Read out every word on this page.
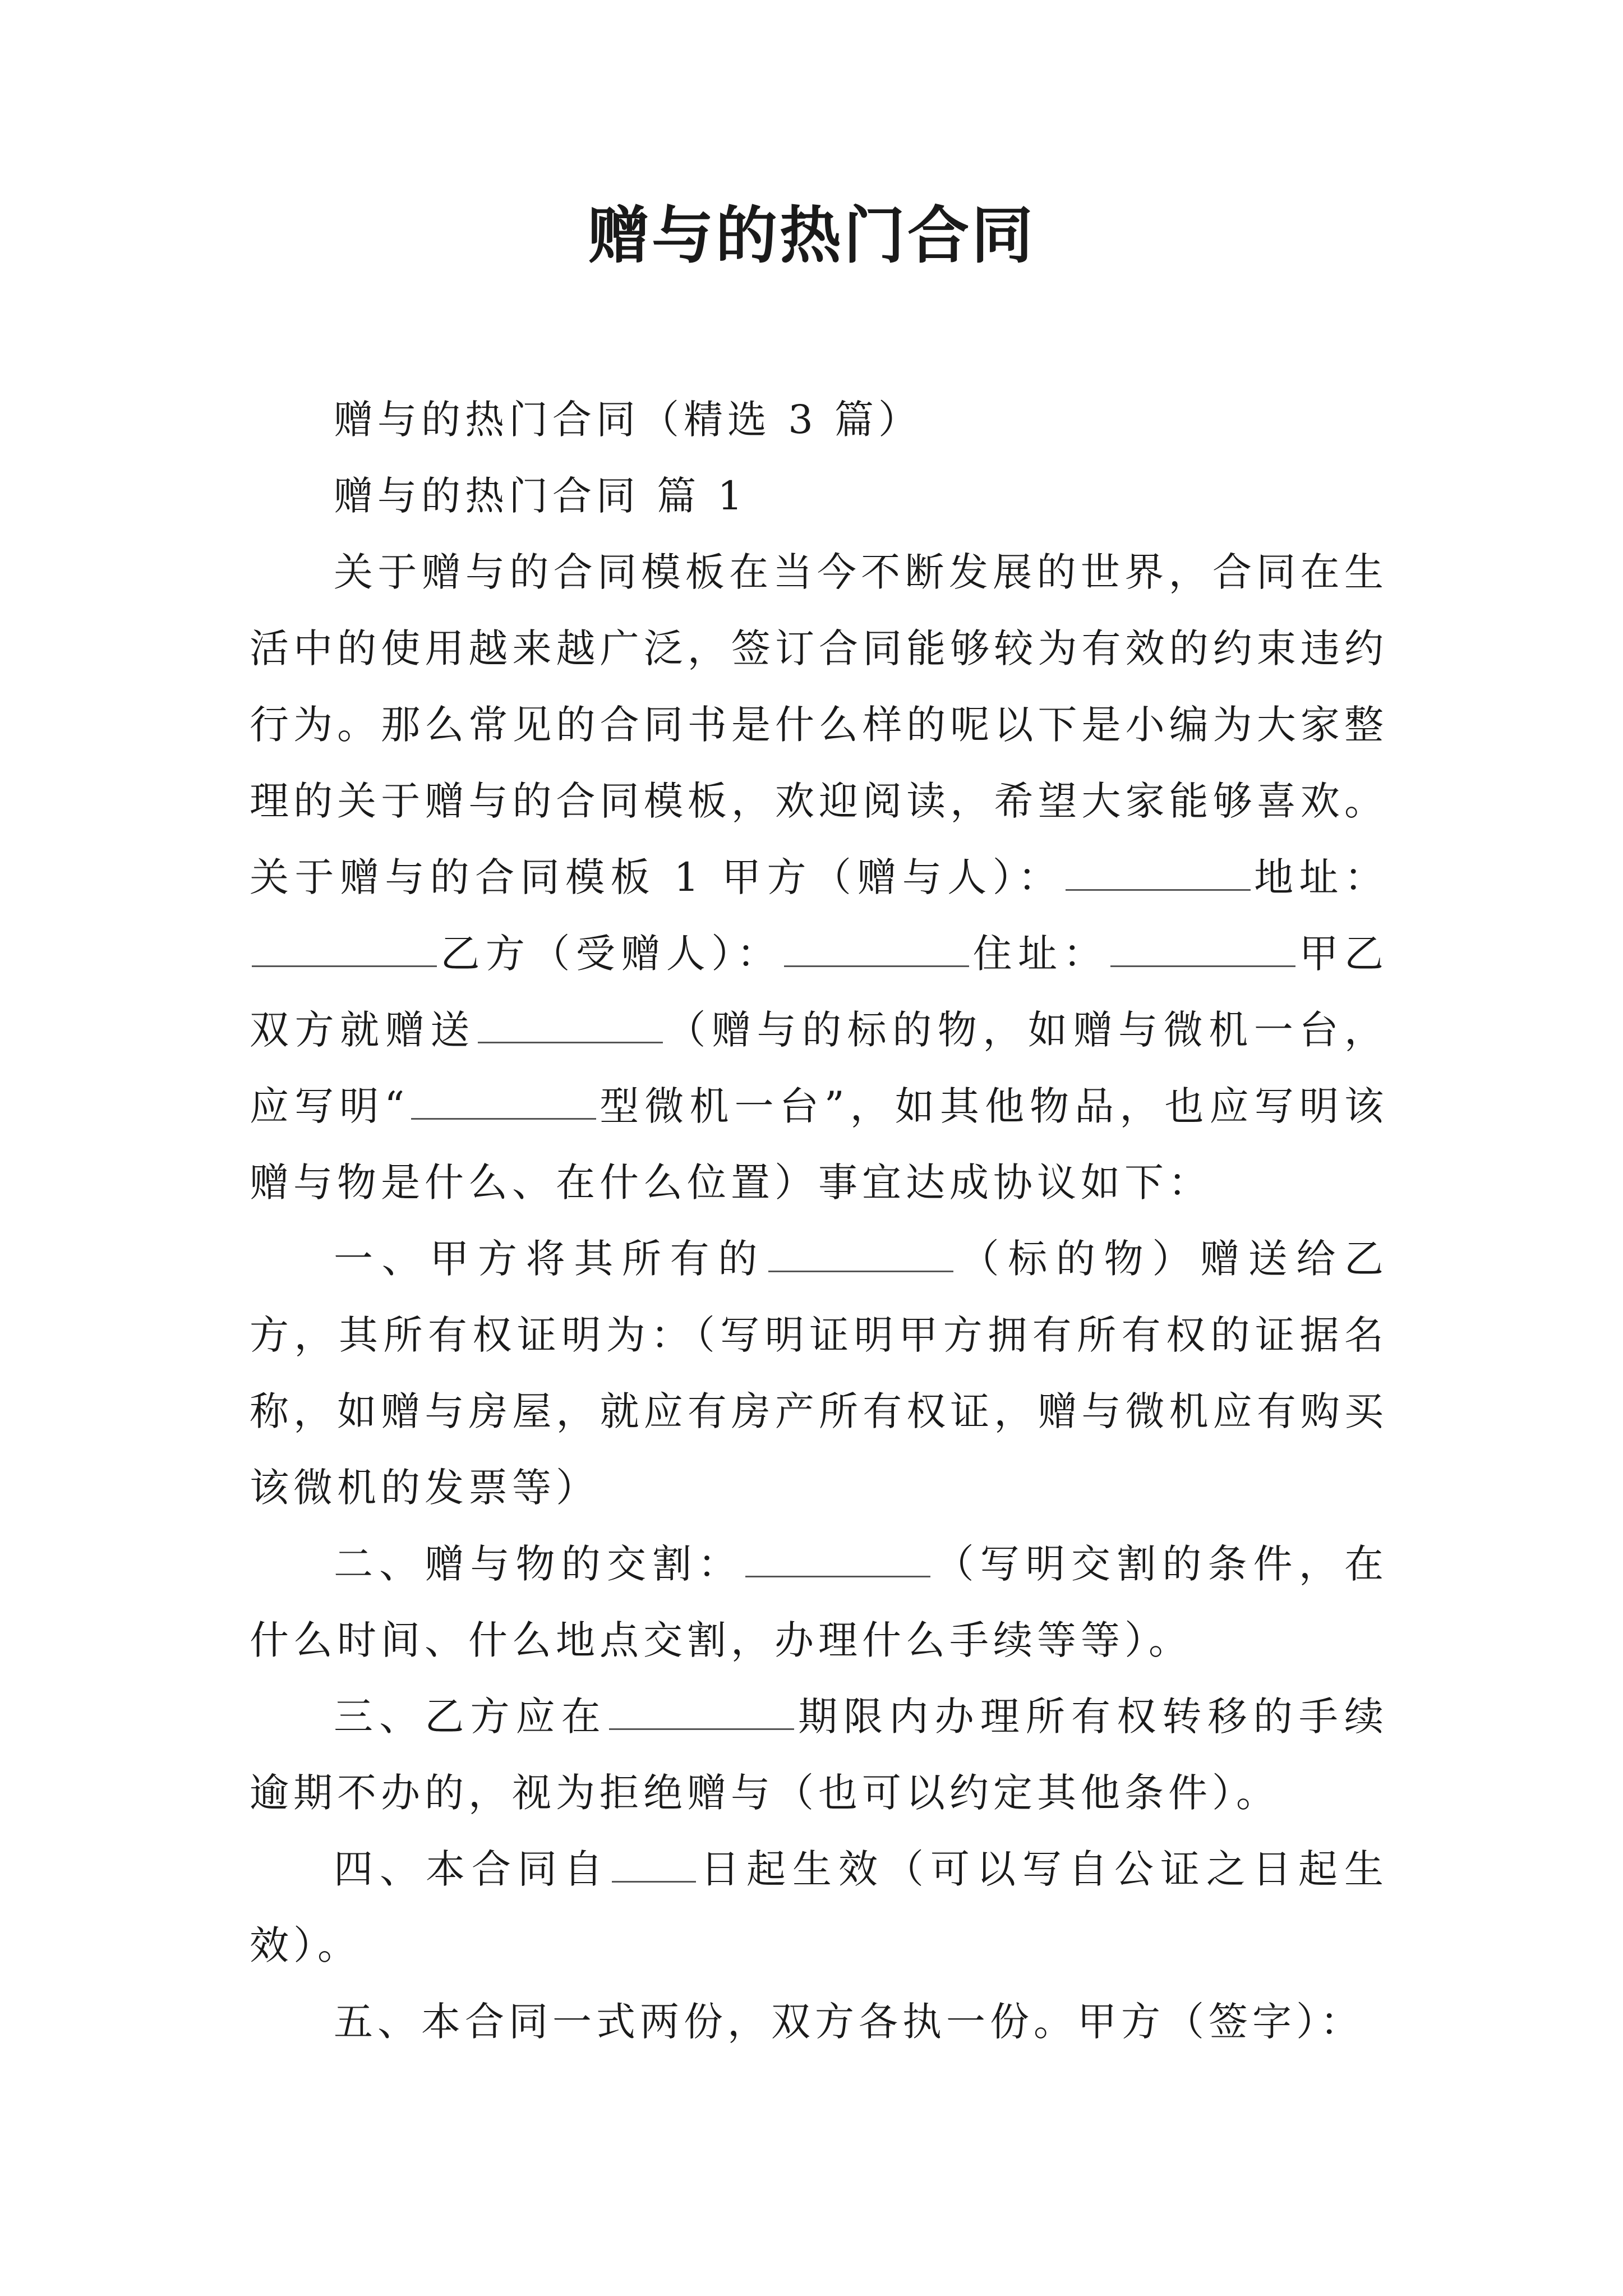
赠与的热门合同

赠与的热门合同（精选 3 篇）

赠与的热门合同 篇 1

关于赠与的合同模板在当今不断发展的世界，合同在生活中的使用越来越广泛，签订合同能够较为有效的约束违约行为。那么常见的合同书是什么样的呢以下是小编为大家整理的关于赠与的合同模板，欢迎阅读，希望大家能够喜欢。关于赠与的合同模板 1 甲方（赠与人）：	地址：乙方（受赠人）：	住址：	甲乙双方就赠送	（赠与的标的物，如赠与微机一台，应写明“	型微机一台”，如其他物品，也应写明该赠与物是什么、在什么位置）事宜达成协议如下：

一、甲方将其所有的	（标的物）赠送给乙方，其所有权证明为：（写明证明甲方拥有所有权的证据名称，如赠与房屋，就应有房产所有权证，赠与微机应有购买该微机的发票等）

二、赠与物的交割：	（写明交割的条件，在什么时间、什么地点交割，办理什么手续等等）。

三、乙方应在	期限内办理所有权转移的手续逾期不办的，视为拒绝赠与（也可以约定其他条件）。

四、本合同自 日起生效（可以写自公证之日起生效）。

五、本合同一式两份，双方各执一份。甲方（签字）：
